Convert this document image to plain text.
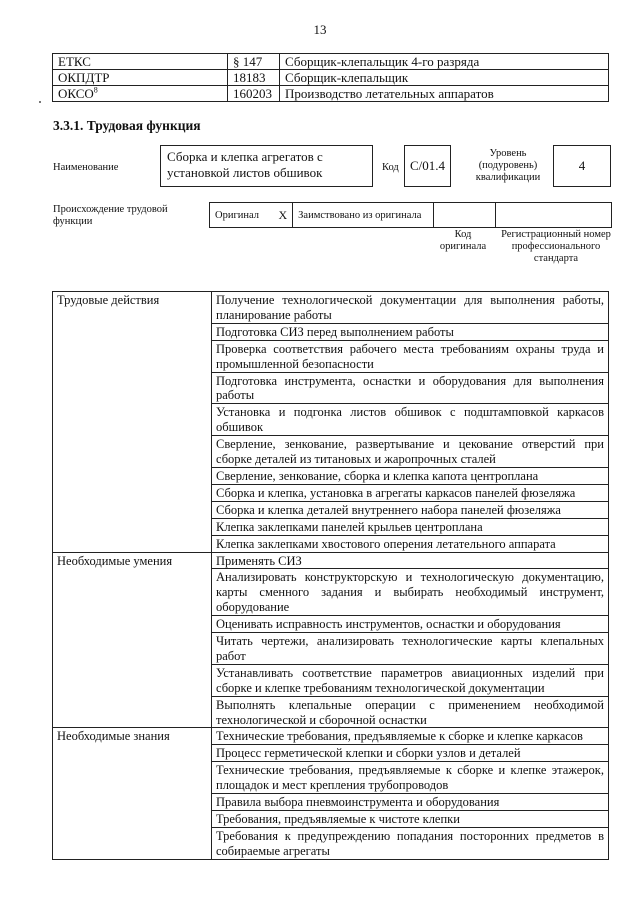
13
ЕТКС	§ 147	Сборщик-клепальщик 4-го разряда
ОКПДТР	18183	Сборщик-клепальщик
ОКСО$^8$	160203	Производство летательных аппаратов
3.3.1. Трудовая функция
Наименование
Сборка и клепка агрегатов с установкой листов обшивок	Код C/01.4
Уровень (подуровень) квалификации
4
Происхождение трудовой функции
Оригинал	X	Заимствовано из оригинала		
Код оригинала
Регистрационный номер профессионального стандарта
Трудовые действия	Получение технологической документации для выполнения работы, планирование работы
	Подготовка СИЗ перед выполнением работы
	Проверка соответствия рабочего места требованиям охраны труда и промышленной безопасности
	Подготовка инструмента, оснастки и оборудования для выполнения работы
	Установка и подгонка листов обшивок с подштамповкой каркасов обшивок
	Сверление, зенкование, развертывание и цекование отверстий при сборке деталей из титановых и жаропрочных сталей
	Сверление, зенкование, сборка и клепка капота центроплана
	Сборка и клепка, установка в агрегаты каркасов панелей фюзеляжа
	Сборка и клепка деталей внутреннего набора панелей фюзеляжа
	Клепка заклепками панелей крыльев центроплана
	Клепка заклепками хвостового оперения летательного аппарата
Необходимые умения	Применять СИЗ
	Анализировать конструкторскую и технологическую документацию, карты сменного задания и выбирать необходимый инструмент, оборудование
	Оценивать исправность инструментов, оснастки и оборудования
	Читать чертежи, анализировать технологические карты клепальных работ
	Устанавливать соответствие параметров авиационных изделий при сборке и клепке требованиям технологической документации
	Выполнять клепальные операции с применением необходимой технологической и сборочной оснастки
Необходимые знания	Технические требования, предъявляемые к сборке и клепке каркасов
	Процесс герметической клепки и сборки узлов и деталей
	Технические требования, предъявляемые к сборке и клепке этажерок, площадок и мест крепления трубопроводов
	Правила выбора пневмоинструмента и оборудования
	Требования, предъявляемые к чистоте клепки
	Требования к предупреждению попадания посторонних предметов в собираемые агрегаты
